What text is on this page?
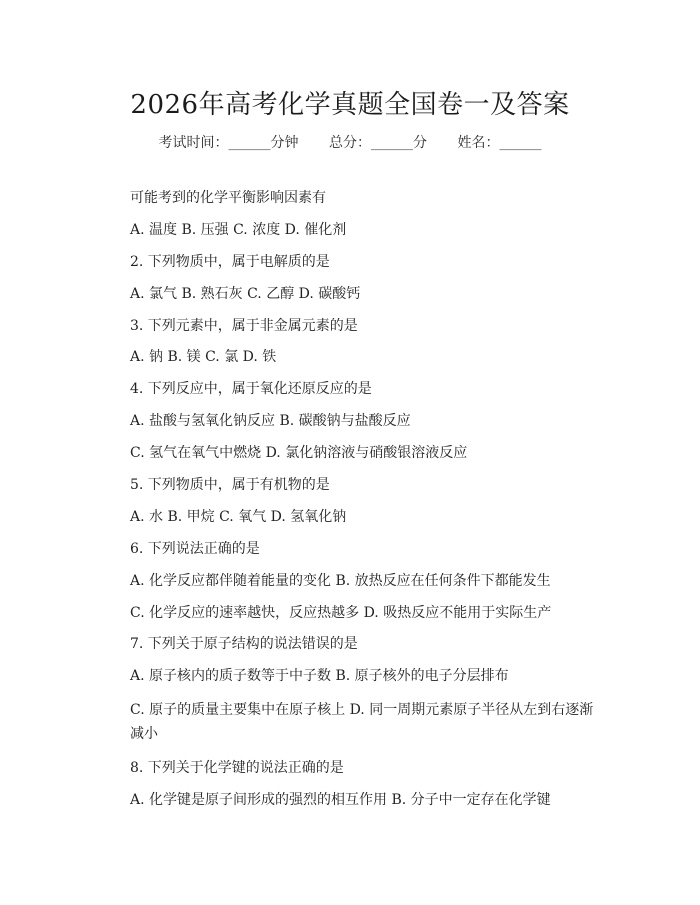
2026年高考化学真题全国卷一及答案
考试时间：______分钟 总分：______分 姓名：______
可能考到的化学平衡影响因素有
A. 温度 B. 压强 C. 浓度 D. 催化剂
2. 下列物质中，属于电解质的是
A. 氯气 B. 熟石灰 C. 乙醇 D. 碳酸钙
3. 下列元素中，属于非金属元素的是
A. 钠 B. 镁 C. 氯 D. 铁
4. 下列反应中，属于氧化还原反应的是
A. 盐酸与氢氧化钠反应 B. 碳酸钠与盐酸反应
C. 氢气在氧气中燃烧 D. 氯化钠溶液与硝酸银溶液反应
5. 下列物质中，属于有机物的是
A. 水 B. 甲烷 C. 氧气 D. 氢氧化钠
6. 下列说法正确的是
A. 化学反应都伴随着能量的变化 B. 放热反应在任何条件下都能发生
C. 化学反应的速率越快，反应热越多 D. 吸热反应不能用于实际生产
7. 下列关于原子结构的说法错误的是
A. 原子核内的质子数等于中子数 B. 原子核外的电子分层排布
C. 原子的质量主要集中在原子核上 D. 同一周期元素原子半径从左到右逐渐减小
8. 下列关于化学键的说法正确的是
A. 化学键是原子间形成的强烈的相互作用 B. 分子中一定存在化学键
